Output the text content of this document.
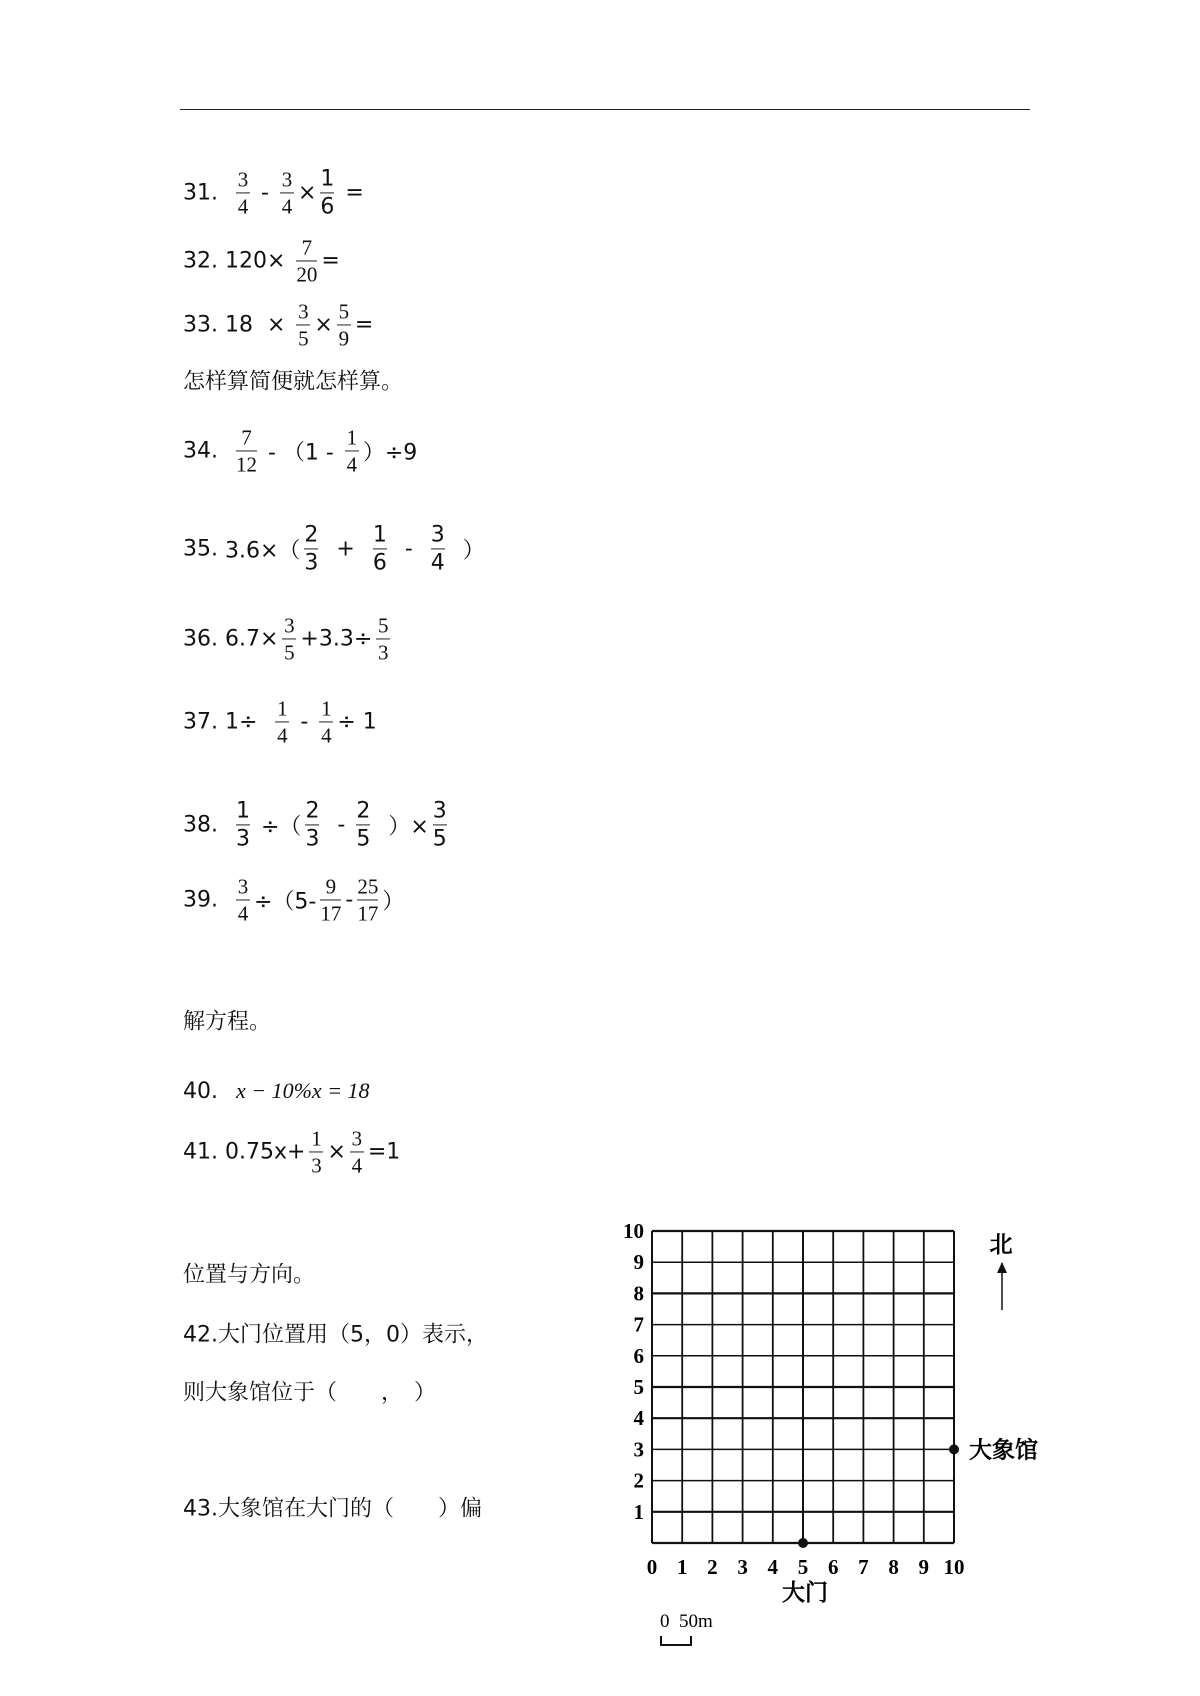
31.
$\frac{3}{4} - \frac{3}{4} \times \frac{1}{6}$ =
32. $120\times \frac{7}{20}$ =
33. $18 \times \frac{3}{5} \times \frac{5}{9}$ =
34.
$\frac{7}{12} - (1 - \frac{1}{4} )\div 9$
35. $3.6\times( \frac{2}{3} + \frac{1}{6} - \frac{3}{4}$ ）
36. $6.7\times \frac{3}{5} +3.3\div \frac{5}{3}$
37. $1\div \frac{1}{4} - \frac{1}{4} \div 1$
38.
$\frac{1}{3}$ ÷（ $\frac{2}{3} - \frac{2}{5}$ ）× $\frac{3}{5}$
39.
$\frac{3}{4} \div(5- \frac{9}{17} - \frac{25}{17}$ ）
41. $0.75x+ \frac{1}{3} \times \frac{3}{4} =1$
怎样算简便就怎样算。
解方程。
40. x − 10%x = 18
位置与方向。
42.大门位置用（5，0）表示，
则大象馆位于（　　，　）
43.大象馆在大门的（　　）偏
0 1 2 3 4 5 6 7 8 9 10
1
2
3
4
5
6
7
8
9
10
大门
大象馆
北
0  50m
